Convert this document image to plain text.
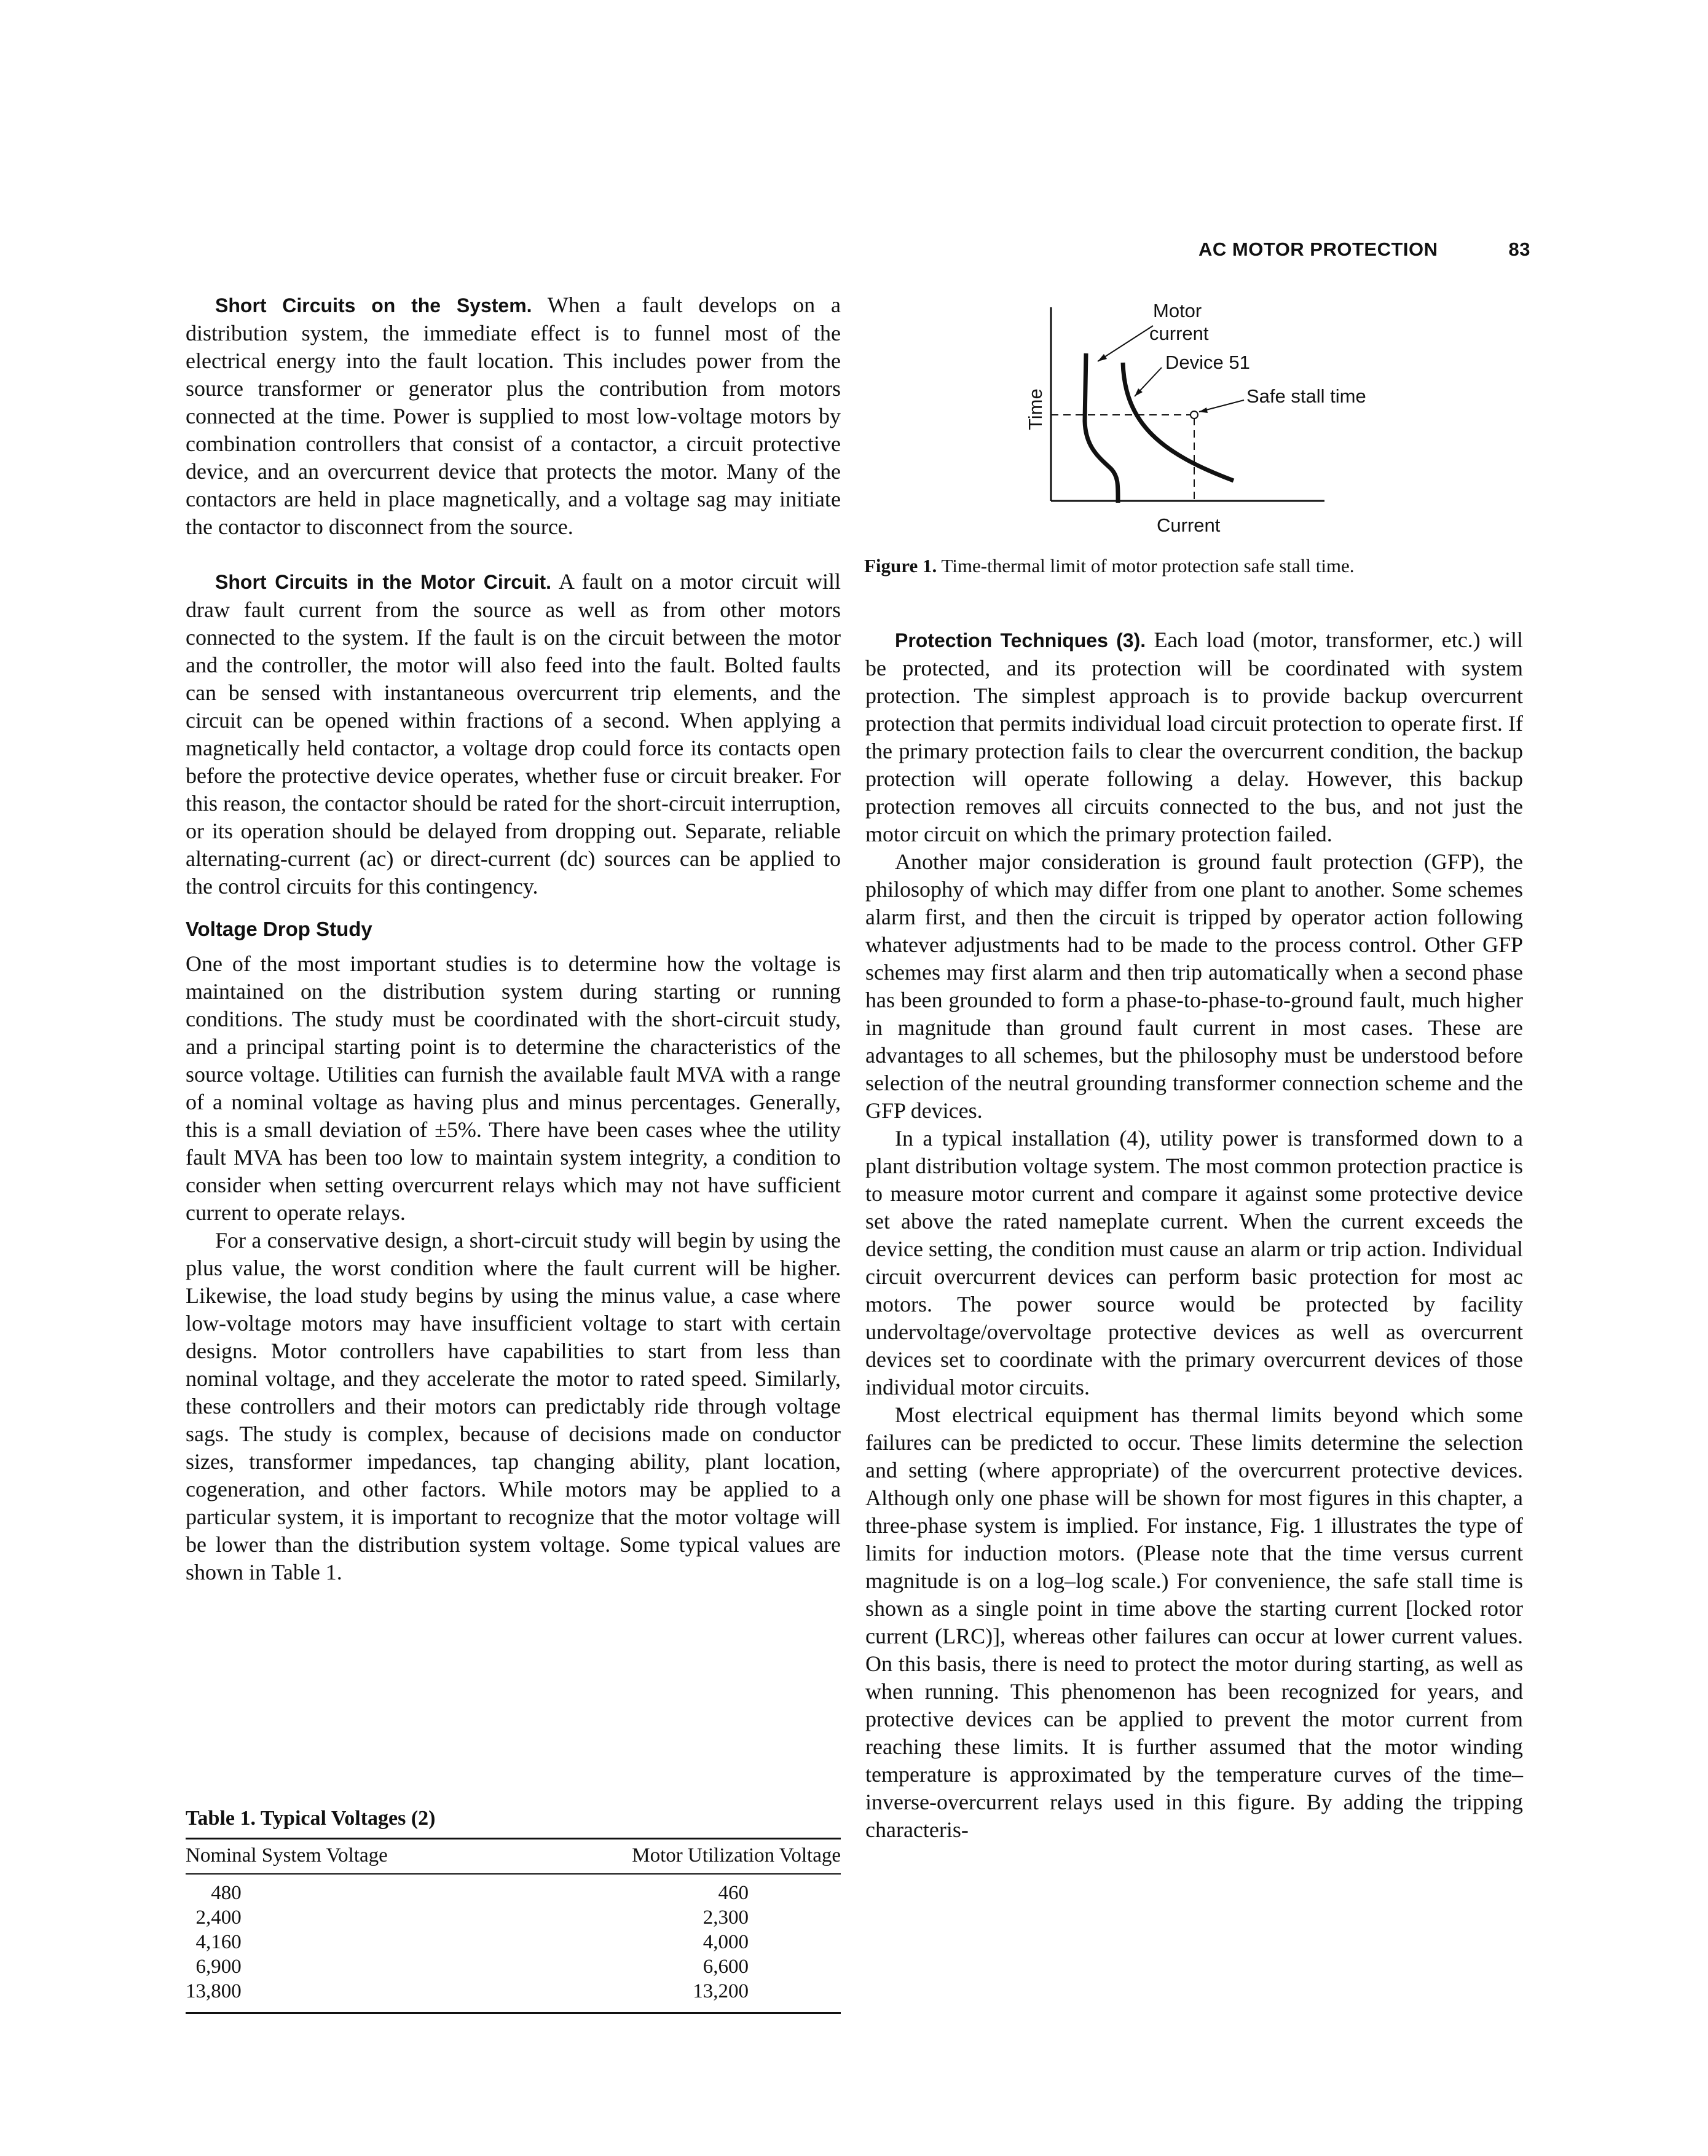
AC MOTOR PROTECTION	83

Short Circuits on the System. When a fault develops on a distribution system, the immediate effect is to funnel most of the electrical energy into the fault location. This includes power from the source transformer or generator plus the contribution from motors connected at the time. Power is supplied to most low-voltage motors by combination controllers that consist of a contactor, a circuit protective device, and an overcurrent device that protects the motor. Many of the contactors are held in place magnetically, and a voltage sag may initiate the contactor to disconnect from the source.

Short Circuits in the Motor Circuit. A fault on a motor circuit will draw fault current from the source as well as from other motors connected to the system. If the fault is on the circuit between the motor and the controller, the motor will also feed into the fault. Bolted faults can be sensed with instantaneous overcurrent trip elements, and the circuit can be opened within fractions of a second. When applying a magnetically held contactor, a voltage drop could force its contacts open before the protective device operates, whether fuse or circuit breaker. For this reason, the contactor should be rated for the short-circuit interruption, or its operation should be delayed from dropping out. Separate, reliable alternating-current (ac) or direct-current (dc) sources can be applied to the control circuits for this contingency.

Voltage Drop Study

One of the most important studies is to determine how the voltage is maintained on the distribution system during starting or running conditions. The study must be coordinated with the short-circuit study, and a principal starting point is to determine the characteristics of the source voltage. Utilities can furnish the available fault MVA with a range of a nominal voltage as having plus and minus percentages. Generally, this is a small deviation of ±5%. There have been cases whee the utility fault MVA has been too low to maintain system integrity, a condition to consider when setting overcurrent relays which may not have sufficient current to operate relays.

For a conservative design, a short-circuit study will begin by using the plus value, the worst condition where the fault current will be higher. Likewise, the load study begins by using the minus value, a case where low-voltage motors may have insufficient voltage to start with certain designs. Motor controllers have capabilities to start from less than nominal voltage, and they accelerate the motor to rated speed. Similarly, these controllers and their motors can predictably ride through voltage sags. The study is complex, because of decisions made on conductor sizes, transformer impedances, tap changing ability, plant location, cogeneration, and other factors. While motors may be applied to a particular system, it is important to recognize that the motor voltage will be lower than the distribution system voltage. Some typical values are shown in Table 1.

Table 1. Typical Voltages (2)
Nominal System Voltage	Motor Utilization Voltage
480	460
2,400	2,300
4,160	4,000
6,900	6,600
13,800	13,200
Motor
current
Device 51
Safe stall time
Time
Current
Figure 1. Time-thermal limit of motor protection safe stall time.

Protection Techniques (3). Each load (motor, transformer, etc.) will be protected, and its protection will be coordinated with system protection. The simplest approach is to provide backup overcurrent protection that permits individual load circuit protection to operate first. If the primary protection fails to clear the overcurrent condition, the backup protection will operate following a delay. However, this backup protection removes all circuits connected to the bus, and not just the motor circuit on which the primary protection failed.

Another major consideration is ground fault protection (GFP), the philosophy of which may differ from one plant to another. Some schemes alarm first, and then the circuit is tripped by operator action following whatever adjustments had to be made to the process control. Other GFP schemes may first alarm and then trip automatically when a second phase has been grounded to form a phase-to-phase-to-ground fault, much higher in magnitude than ground fault current in most cases. These are advantages to all schemes, but the philosophy must be understood before selection of the neutral grounding transformer connection scheme and the GFP devices.

In a typical installation (4), utility power is transformed down to a plant distribution voltage system. The most common protection practice is to measure motor current and compare it against some protective device set above the rated nameplate current. When the current exceeds the device setting, the condition must cause an alarm or trip action. Individual circuit overcurrent devices can perform basic protection for most ac motors. The power source would be protected by facility undervoltage/overvoltage protective devices as well as overcurrent devices set to coordinate with the primary overcurrent devices of those individual motor circuits.

Most electrical equipment has thermal limits beyond which some failures can be predicted to occur. These limits determine the selection and setting (where appropriate) of the overcurrent protective devices. Although only one phase will be shown for most figures in this chapter, a three-phase system is implied. For instance, Fig. 1 illustrates the type of limits for induction motors. (Please note that the time versus current magnitude is on a log–log scale.) For convenience, the safe stall time is shown as a single point in time above the starting current [locked rotor current (LRC)], whereas other failures can occur at lower current values. On this basis, there is need to protect the motor during starting, as well as when running. This phenomenon has been recognized for years, and protective devices can be applied to prevent the motor current from reaching these limits. It is further assumed that the motor winding temperature is approximated by the temperature curves of the time–inverse-overcurrent relays used in this figure. By adding the tripping characteris-
